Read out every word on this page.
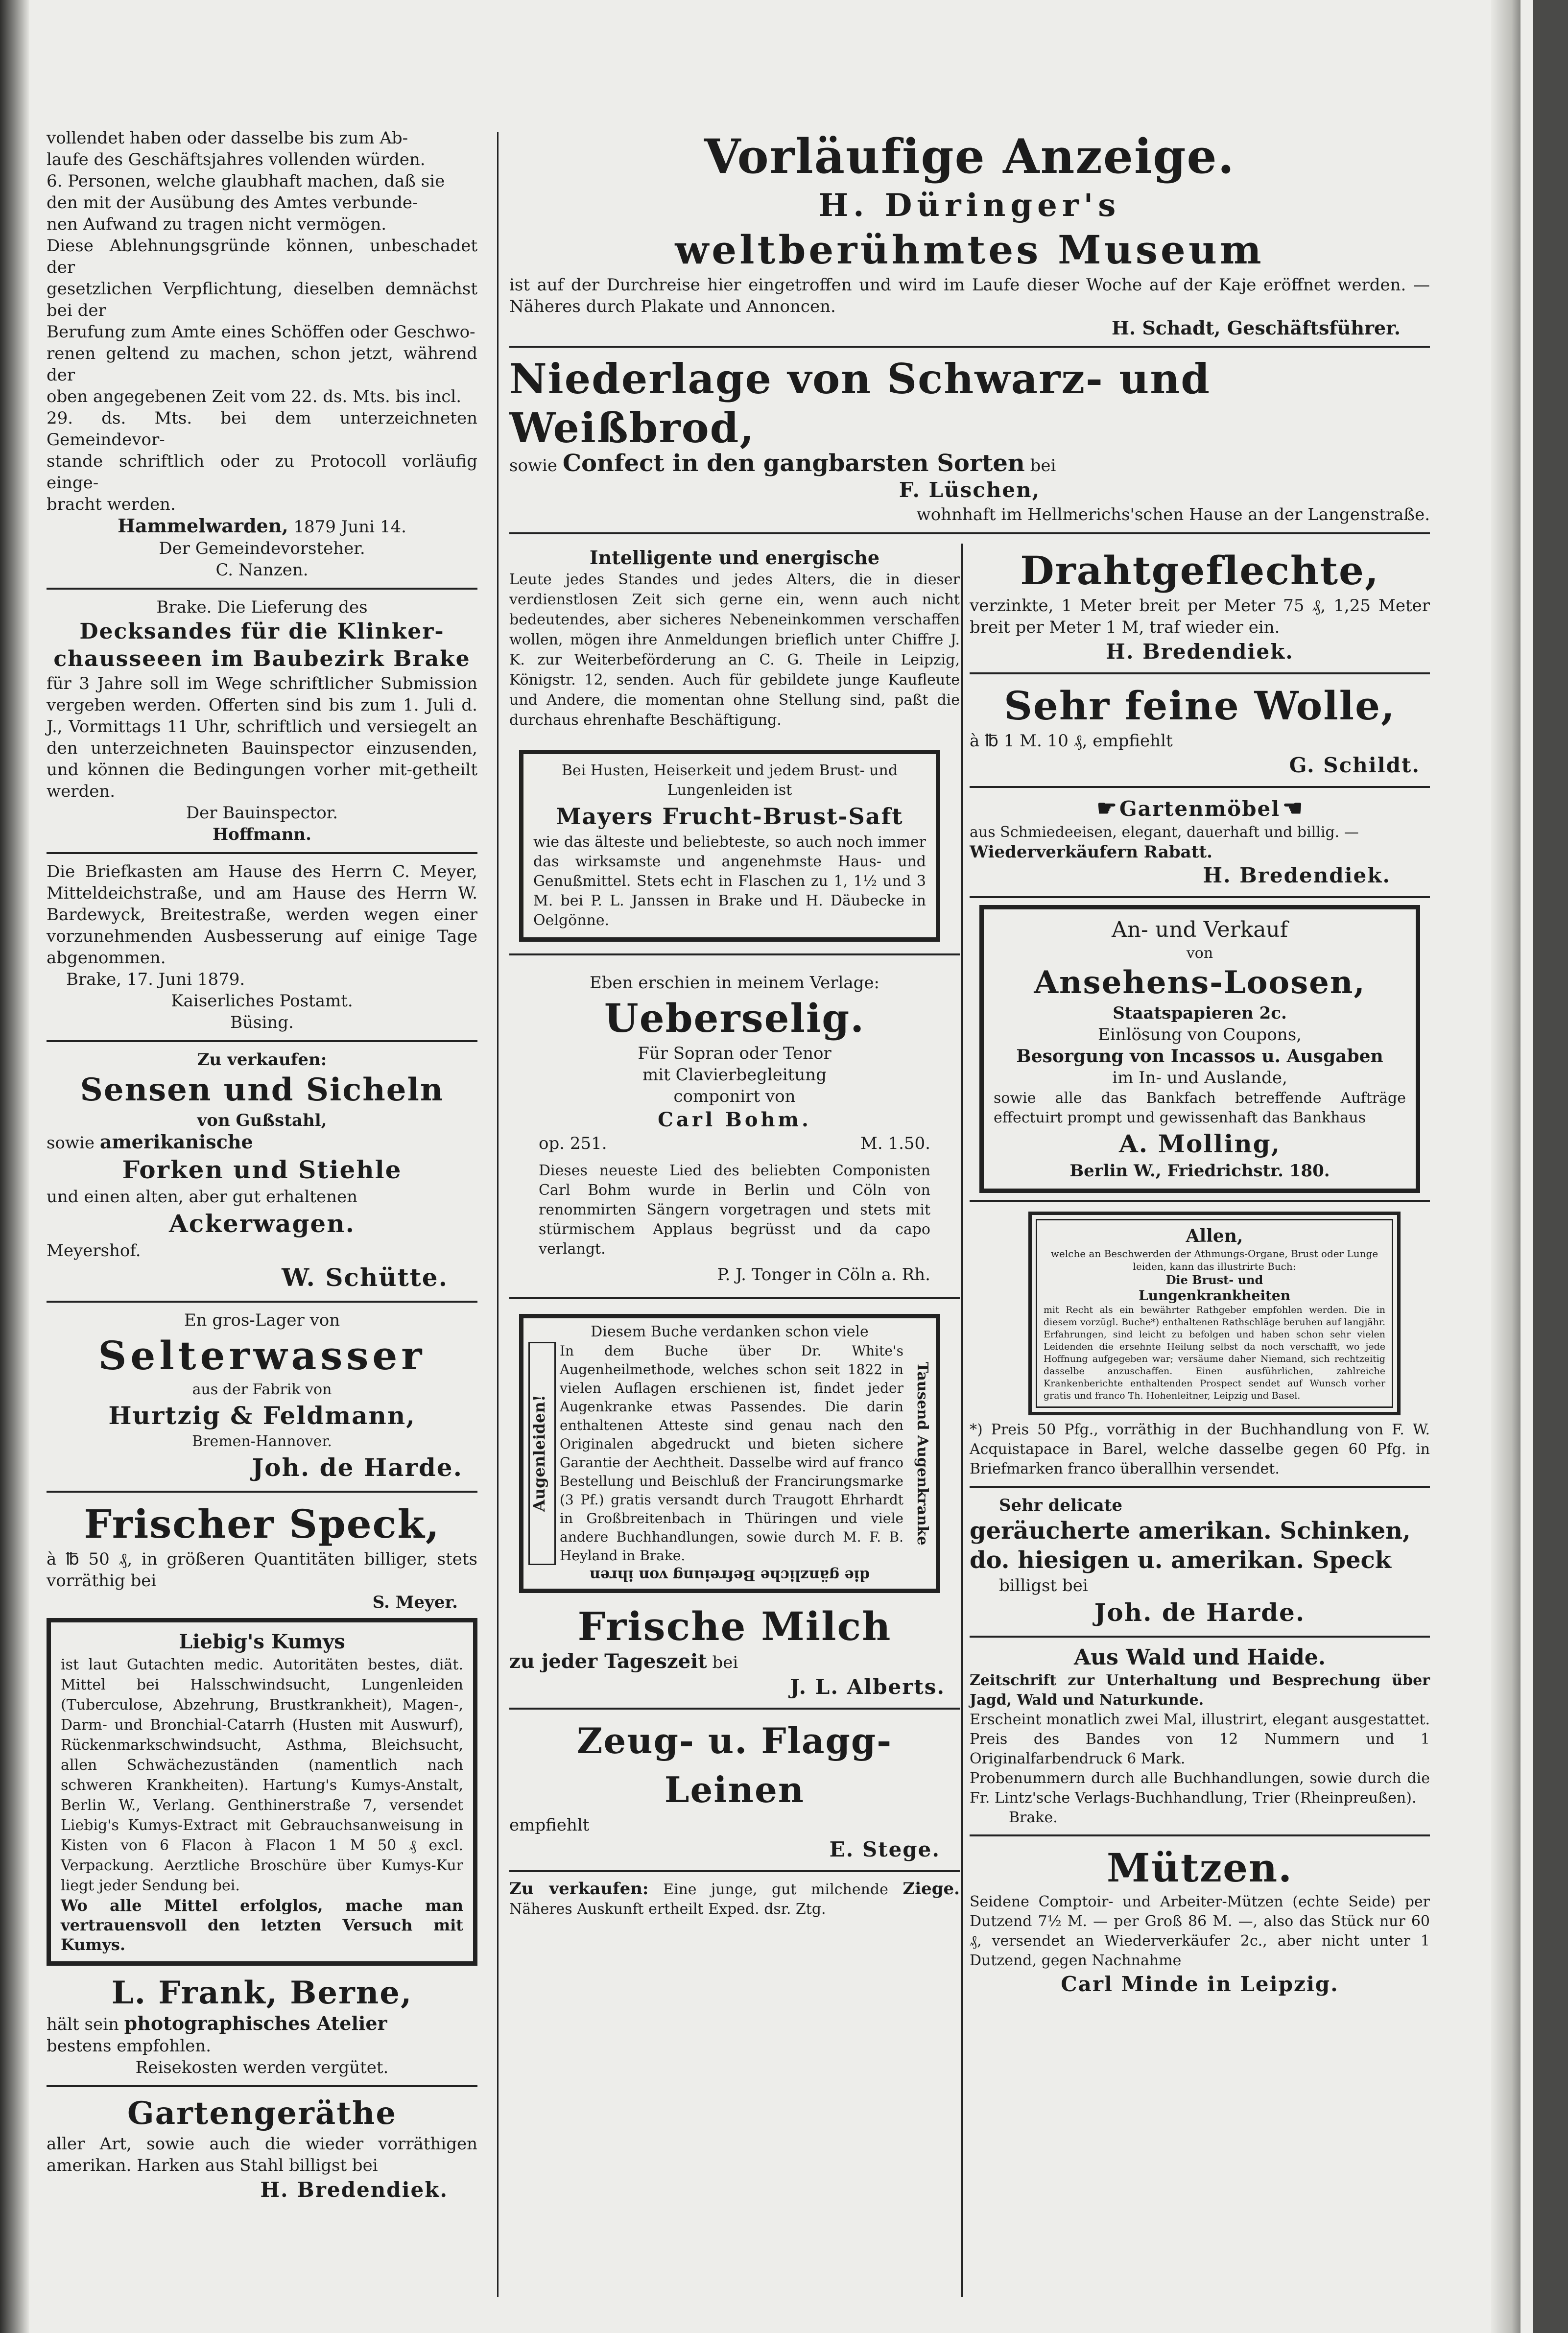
vollendet haben oder dasselbe bis zum Ab-

laufe des Geschäftsjahres vollenden würden.

6. Personen, welche glaubhaft machen, daß sie

den mit der Ausübung des Amtes verbunde-

nen Aufwand zu tragen nicht vermögen.

Diese Ablehnungsgründe können, unbeschadet der

gesetzlichen Verpflichtung, dieselben demnächst bei der

Berufung zum Amte eines Schöffen oder Geschwo-

renen geltend zu machen, schon jetzt, während der

oben angegebenen Zeit vom 22. ds. Mts. bis incl.

29. ds. Mts. bei dem unterzeichneten Gemeindevor-

stande schriftlich oder zu Protocoll vorläufig einge-

bracht werden.

Hammelwarden, 1879 Juni 14.

Der Gemeindevorsteher.

C. Nanzen.

Brake. Die Lieferung des

Decksandes für die Klinker-chausseeen im Baubezirk Brake

für 3 Jahre soll im Wege schriftlicher Submission vergeben werden. Offerten sind bis zum 1. Juli d. J., Vormittags 11 Uhr, schriftlich und versiegelt an den unterzeichneten Bauinspector einzusenden, und können die Bedingungen vorher mit-getheilt werden.

Der Bauinspector.

Hoffmann.

Die Briefkasten am Hause des Herrn C. Meyer, Mitteldeichstraße, und am Hause des Herrn W. Bardewyck, Breitestraße, werden wegen einer vorzunehmenden Ausbesserung auf einige Tage abgenommen.

Brake, 17. Juni 1879.

Kaiserliches Postamt.

Büsing.

Zu verkaufen:

Sensen und Sicheln

von Gußstahl,

sowie amerikanische

Forken und Stiehle

und einen alten, aber gut erhaltenen

Ackerwagen.

Meyershof.

W. Schütte.

En gros-Lager von

Selterwasser

aus der Fabrik von

Hurtzig & Feldmann,

Bremen-Hannover.

Joh. de Harde.

Frischer Speck,

à ℔ 50 ₰, in größeren Quantitäten billiger, stets vorräthig bei

S. Meyer.

Liebig's Kumys

ist laut Gutachten medic. Autoritäten bestes, diät. Mittel bei Halsschwindsucht, Lungenleiden (Tuberculose, Abzehrung, Brustkrankheit), Magen-, Darm- und Bronchial-Catarrh (Husten mit Auswurf), Rückenmarkschwindsucht, Asthma, Bleichsucht, allen Schwächezuständen (namentlich nach schweren Krankheiten). Hartung's Kumys-Anstalt, Berlin W., Verlang. Genthinerstraße 7, versendet Liebig's Kumys-Extract mit Gebrauchsanweisung in Kisten von 6 Flacon à Flacon 1 M 50 ₰ excl. Verpackung. Aerztliche Broschüre über Kumys-Kur liegt jeder Sendung bei.

Wo alle Mittel erfolglos, mache man vertrauensvoll den letzten Versuch mit Kumys.

L. Frank, Berne,

hält sein photographisches Atelier

bestens empfohlen.

Reisekosten werden vergütet.

Gartengeräthe

aller Art, sowie auch die wieder vorräthigen amerikan. Harken aus Stahl billigst bei

H. Bredendiek.

Vorläufige Anzeige.

H. Düringer's

weltberühmtes Museum

ist auf der Durchreise hier eingetroffen und wird im Laufe dieser Woche auf der Kaje eröffnet werden. — Näheres durch Plakate und Annoncen.

H. Schadt, Geschäftsführer.

Niederlage von Schwarz- und Weißbrod,

sowie Confect in den gangbarsten Sorten bei

F. Lüschen,

wohnhaft im Hellmerichs'schen Hause an der Langenstraße.

Intelligente und energische

Leute jedes Standes und jedes Alters, die in dieser verdienstlosen Zeit sich gerne ein, wenn auch nicht bedeutendes, aber sicheres Nebeneinkommen verschaffen wollen, mögen ihre Anmeldungen brieflich unter Chiffre J. K. zur Weiterbeförderung an C. G. Theile in Leipzig, Königstr. 12, senden. Auch für gebildete junge Kaufleute und Andere, die momentan ohne Stellung sind, paßt die durchaus ehrenhafte Beschäftigung.

Bei Husten, Heiserkeit und jedem Brust- und Lungenleiden ist

Mayers Frucht-Brust-Saft

wie das älteste und beliebteste, so auch noch immer das wirksamste und angenehmste Haus- und Genußmittel. Stets echt in Flaschen zu 1, 1½ und 3 M. bei P. L. Janssen in Brake und H. Däubecke in Oelgönne.

Eben erschien in meinem Verlage:

Ueberselig.

Für Sopran oder Tenor

mit Clavierbegleitung

componirt von

Carl Bohm.

op. 251.	M. 1.50.

Dieses neueste Lied des beliebten Componisten Carl Bohm wurde in Berlin und Cöln von renommirten Sängern vorgetragen und stets mit stürmischem Applaus begrüsst und da capo verlangt.

P. J. Tonger in Cöln a. Rh.

Diesem Buche verdanken schon viele

Augenleiden!

In dem Buche über Dr. White's Augenheilmethode, welches schon seit 1822 in vielen Auflagen erschienen ist, findet jeder Augenkranke etwas Passendes. Die darin enthaltenen Atteste sind genau nach den Originalen abgedruckt und bieten sichere Garantie der Aechtheit. Dasselbe wird auf franco Bestellung und Beischluß der Francirungsmarke (3 Pf.) gratis versandt durch Traugott Ehrhardt in Großbreitenbach in Thüringen und viele andere Buchhandlungen, sowie durch M. F. B. Heyland in Brake.

Tausend Augenkranke

die gänzliche Befreiung von ihren

Frische Milch

zu jeder Tageszeit bei

J. L. Alberts.

Zeug- u. Flagg-Leinen

empfiehlt

E. Stege.

Zu verkaufen: Eine junge, gut milchende Ziege. Näheres Auskunft ertheilt Exped. dsr. Ztg.

Drahtgeflechte,

verzinkte, 1 Meter breit per Meter 75 ₰, 1,25 Meter breit per Meter 1 M, traf wieder ein.

H. Bredendiek.

Sehr feine Wolle,

à ℔ 1 M. 10 ₰, empfiehlt

G. Schildt.

☛ Gartenmöbel ☛

aus Schmiedeeisen, elegant, dauerhaft und billig. —

Wiederverkäufern Rabatt.

H. Bredendiek.

An- und Verkauf

von

Ansehens-Loosen,

Staatspapieren 2c.

Einlösung von Coupons,

Besorgung von Incassos u. Ausgaben

im In- und Auslande,

sowie alle das Bankfach betreffende Aufträge effectuirt prompt und gewissenhaft das Bankhaus

A. Molling,

Berlin W., Friedrichstr. 180.

Allen,

welche an Beschwerden der Athmungs-Organe, Brust oder Lunge leiden, kann das illustrirte Buch:

Die Brust- und

Lungenkrankheiten

mit Recht als ein bewährter Rathgeber empfohlen werden. Die in diesem vorzügl. Buche*) enthaltenen Rathschläge beruhen auf langjähr. Erfahrungen, sind leicht zu befolgen und haben schon sehr vielen Leidenden die ersehnte Heilung selbst da noch verschafft, wo jede Hoffnung aufgegeben war; versäume daher Niemand, sich rechtzeitig dasselbe anzuschaffen. Einen ausführlichen, zahlreiche Krankenberichte enthaltenden Prospect sendet auf Wunsch vorher gratis und franco Th. Hohenleitner, Leipzig und Basel.

*) Preis 50 Pfg., vorräthig in der Buchhandlung von F. W. Acquistapace in Barel, welche dasselbe gegen 60 Pfg. in Briefmarken franco überallhin versendet.

Sehr delicate

geräucherte amerikan. Schinken,

do. hiesigen u. amerikan. Speck

billigst bei

Joh. de Harde.

Aus Wald und Haide.

Zeitschrift zur Unterhaltung und Besprechung über Jagd, Wald und Naturkunde.

Erscheint monatlich zwei Mal, illustrirt, elegant ausgestattet. Preis des Bandes von 12 Nummern und 1 Originalfarbendruck 6 Mark.

Probenummern durch alle Buchhandlungen, sowie durch die Fr. Lintz'sche Verlags-Buchhandlung, Trier (Rheinpreußen).

Brake.

Mützen.

Seidene Comptoir- und Arbeiter-Mützen (echte Seide) per Dutzend 7½ M. — per Groß 86 M. —, also das Stück nur 60 ₰, versendet an Wiederverkäufer 2c., aber nicht unter 1 Dutzend, gegen Nachnahme

Carl Minde in Leipzig.
